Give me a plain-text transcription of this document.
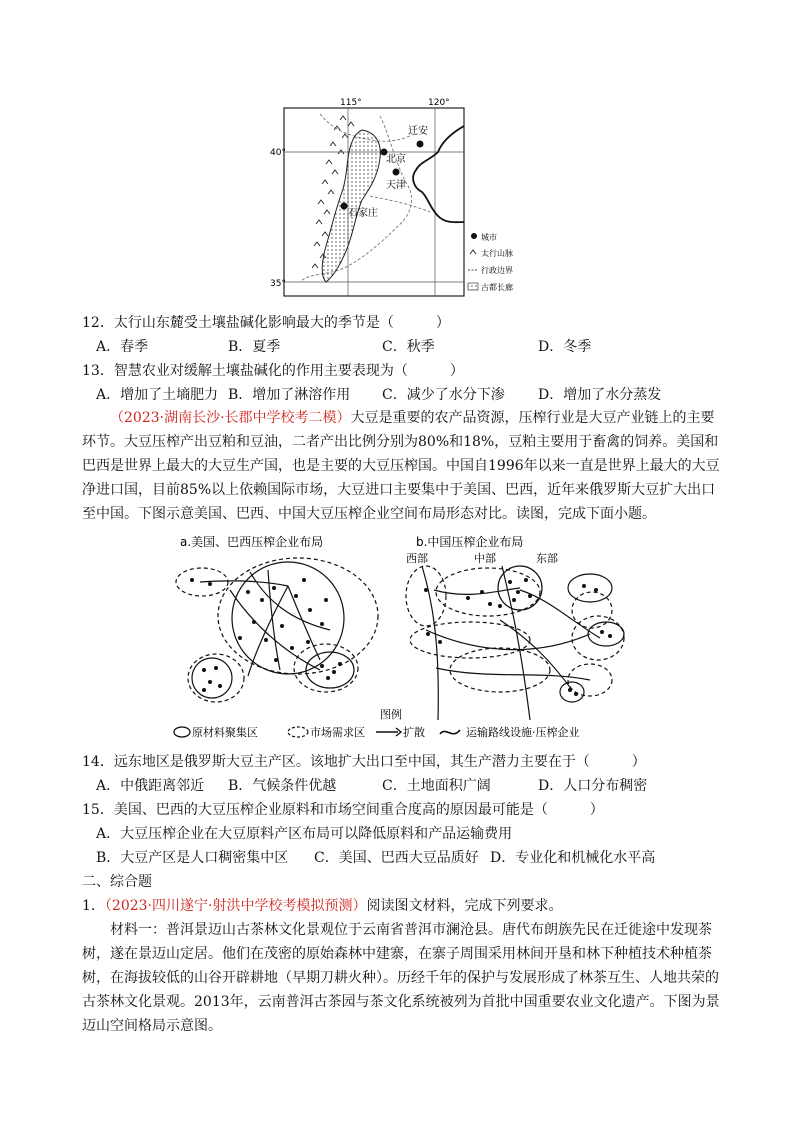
115°	120°
40°
35°
迁安
北京
天津
石家庄
城市
太行山脉
行政边界
古都长廊
12．太行山东麓受土壤盐碱化影响最大的季节是（　　　）
A．春季	B．夏季	C．秋季	D．冬季
13．智慧农业对缓解土壤盐碱化的作用主要表现为（　　　）
A．增加了土墒肥力 B．增加了淋溶作用 C．减少了水分下渗 D．增加了水分蒸发
（2023·湖南长沙·长郡中学校考二模）大豆是重要的农产品资源，压榨行业是大豆产业链上的主要环节。大豆压榨产出豆粕和豆油，二者产出比例分别为80%和18%，豆粕主要用于畜禽的饲养。美国和巴西是世界上最大的大豆生产国，也是主要的大豆压榨国。中国自1996年以来一直是世界上最大的大豆净进口国，目前85%以上依赖国际市场，大豆进口主要集中于美国、巴西，近年来俄罗斯大豆扩大出口至中国。下图示意美国、巴西、中国大豆压榨企业空间布局形态对比。读图，完成下面小题。
a.美国、巴西压榨企业布局	b.中国压榨企业布局
西部	中部	东部
图例
原材料聚集区	市场需求区	扩散	运输路线设施·压榨企业
14．远东地区是俄罗斯大豆主产区。该地扩大出口至中国，其生产潜力主要在于（　　　）
A．中俄距离邻近 B．气候条件优越	C．土地面积广阔	D．人口分布稠密
15．美国、巴西的大豆压榨企业原料和市场空间重合度高的原因最可能是（　　　）
A．大豆压榨企业在大豆原料产区布局可以降低原料和产品运输费用
B．大豆产区是人口稠密集中区 C．美国、巴西大豆品质好 D．专业化和机械化水平高
二、综合题
1．（2023·四川遂宁·射洪中学校考模拟预测）阅读图文材料，完成下列要求。
材料一：普洱景迈山古茶林文化景观位于云南省普洱市澜沧县。唐代布朗族先民在迁徙途中发现茶树，遂在景迈山定居。他们在茂密的原始森林中建寨，在寨子周围采用林间开垦和林下种植技术种植茶树，在海拔较低的山谷开辟耕地（早期刀耕火种）。历经千年的保护与发展形成了林茶互生、人地共荣的古茶林文化景观。2013年，云南普洱古茶园与茶文化系统被列为首批中国重要农业文化遗产。下图为景迈山空间格局示意图。
